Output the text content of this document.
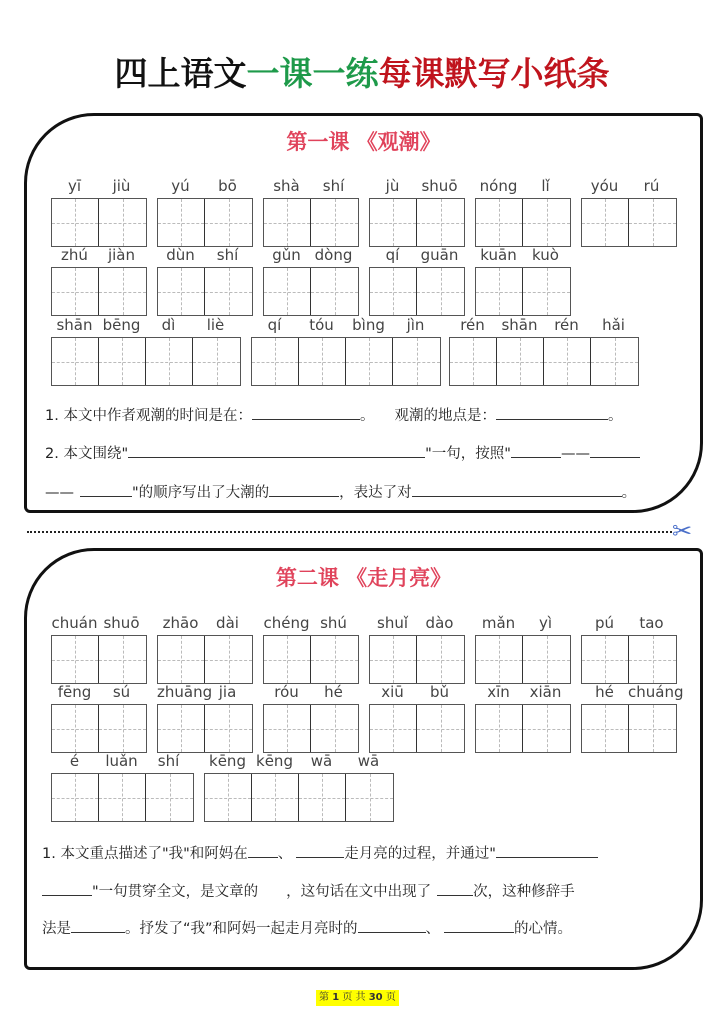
四上语文一课一练每课默写小纸条
第一课 《观潮》
yī	jiù	yú	bō	shà	shí	jù	shuō	nóng	lǐ	yóu	rú
zhú	jiàn	dùn	shí	gǔn dòng	qí	guān	kuān	kuò
shān bēng	dì	liè	qí	tóu	bìng	jìn	rén	shān	rén	hǎi
1. 本文中作者观潮的时间是在：	。 观潮的地点是：	。
2. 本文围绕"	"一句，按照"	——
——	"的顺序写出了大潮的	，表达了对	。
✂
第二课 《走月亮》
chuán shuō	zhāo	dài	chéng shú	shuǐ	dào	mǎn	yì	pú	tao
fēng	sú	zhuāng jia	róu	hé	xiū	bǔ	xīn	xiān	hé chuáng
é	luǎn	shí	kēng kēng	wā	wā
1. 本文重点描述了"我"和阿妈在 、	走月亮的过程，并通过"
"一句贯穿全文，是文章的 ，这句话在文中出现了	次，这种修辞手
法是	。抒发了“我”和阿妈一起走月亮时的	、	的心情。
第 1 页 共 30 页
